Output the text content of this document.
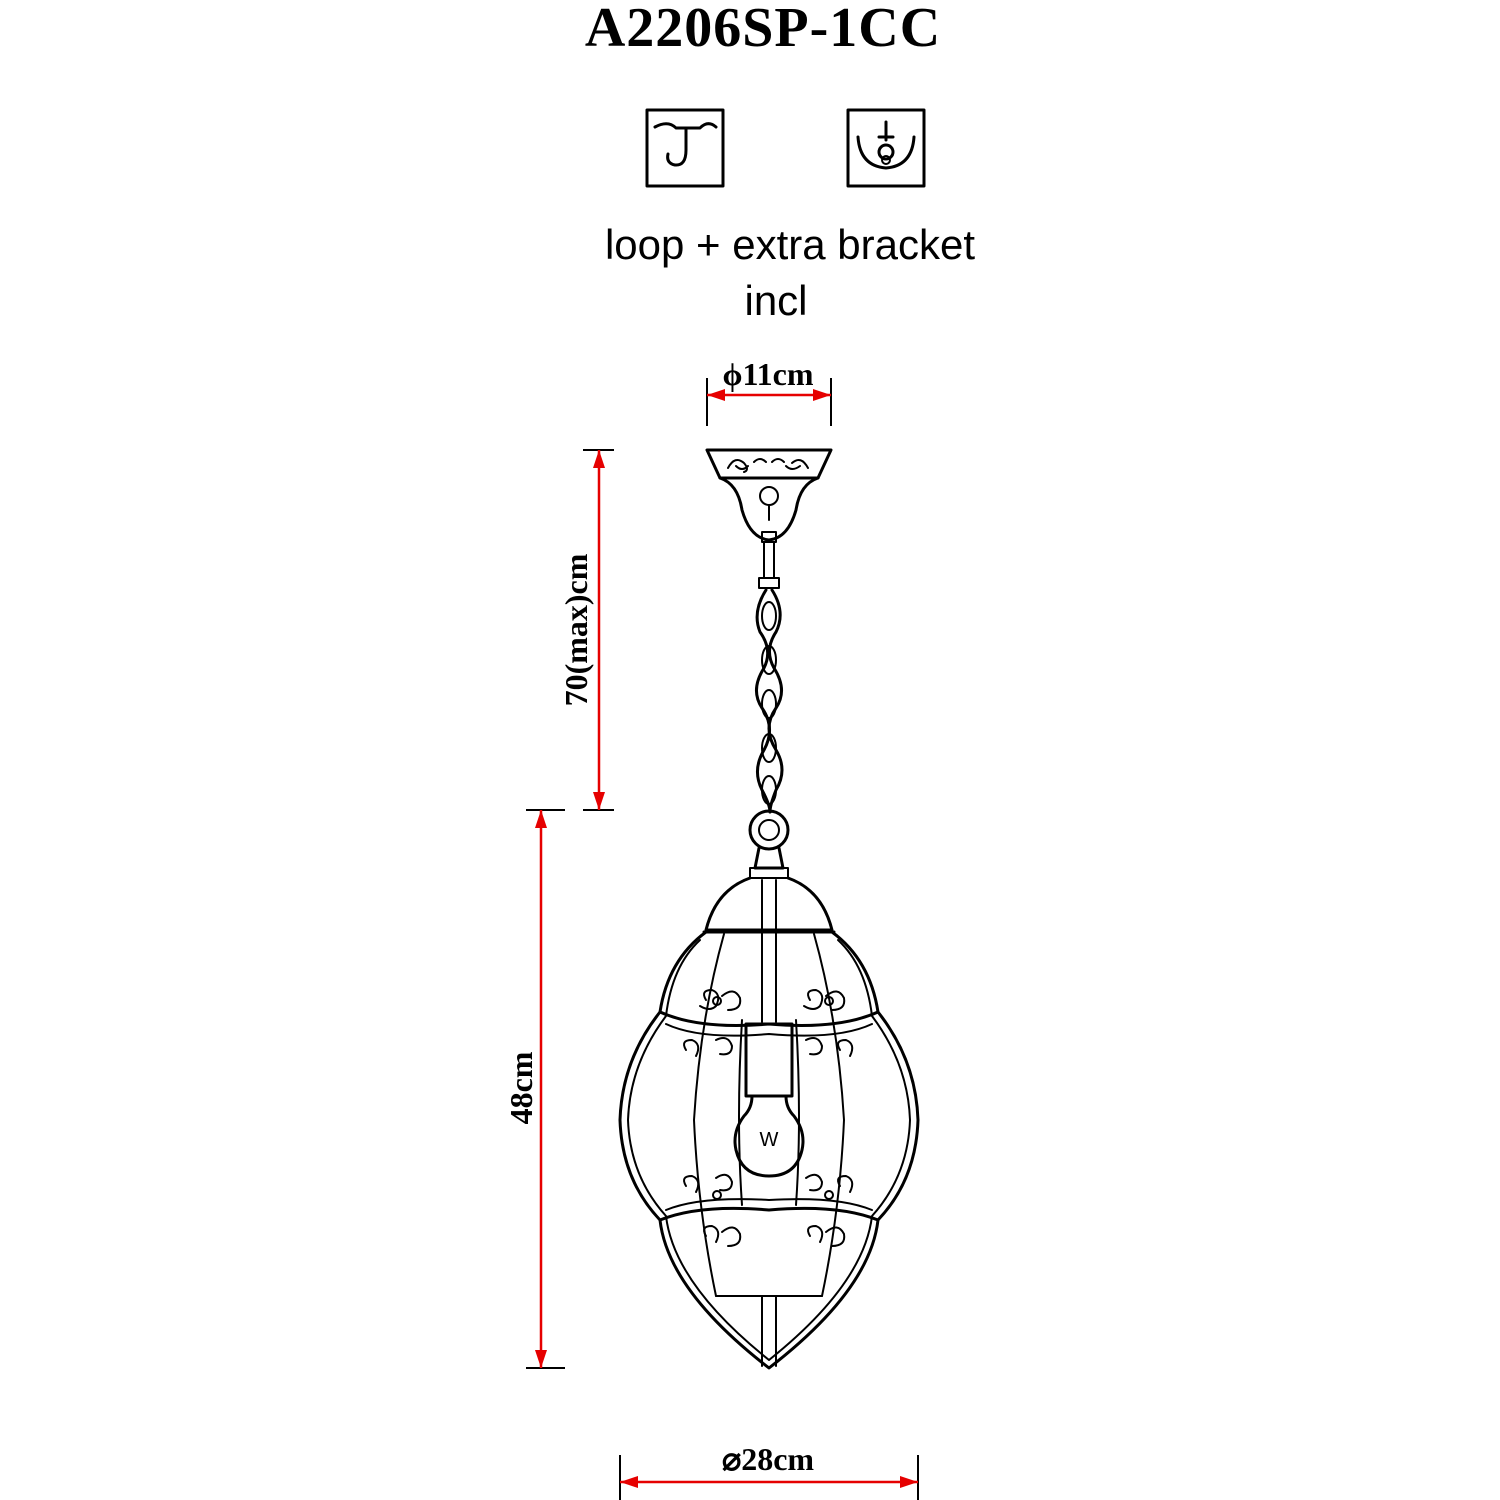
A2206SP-1CC
loop + extra bracket
incl
ϕ11cm
70(max)cm
48cm
⌀28cm
W
